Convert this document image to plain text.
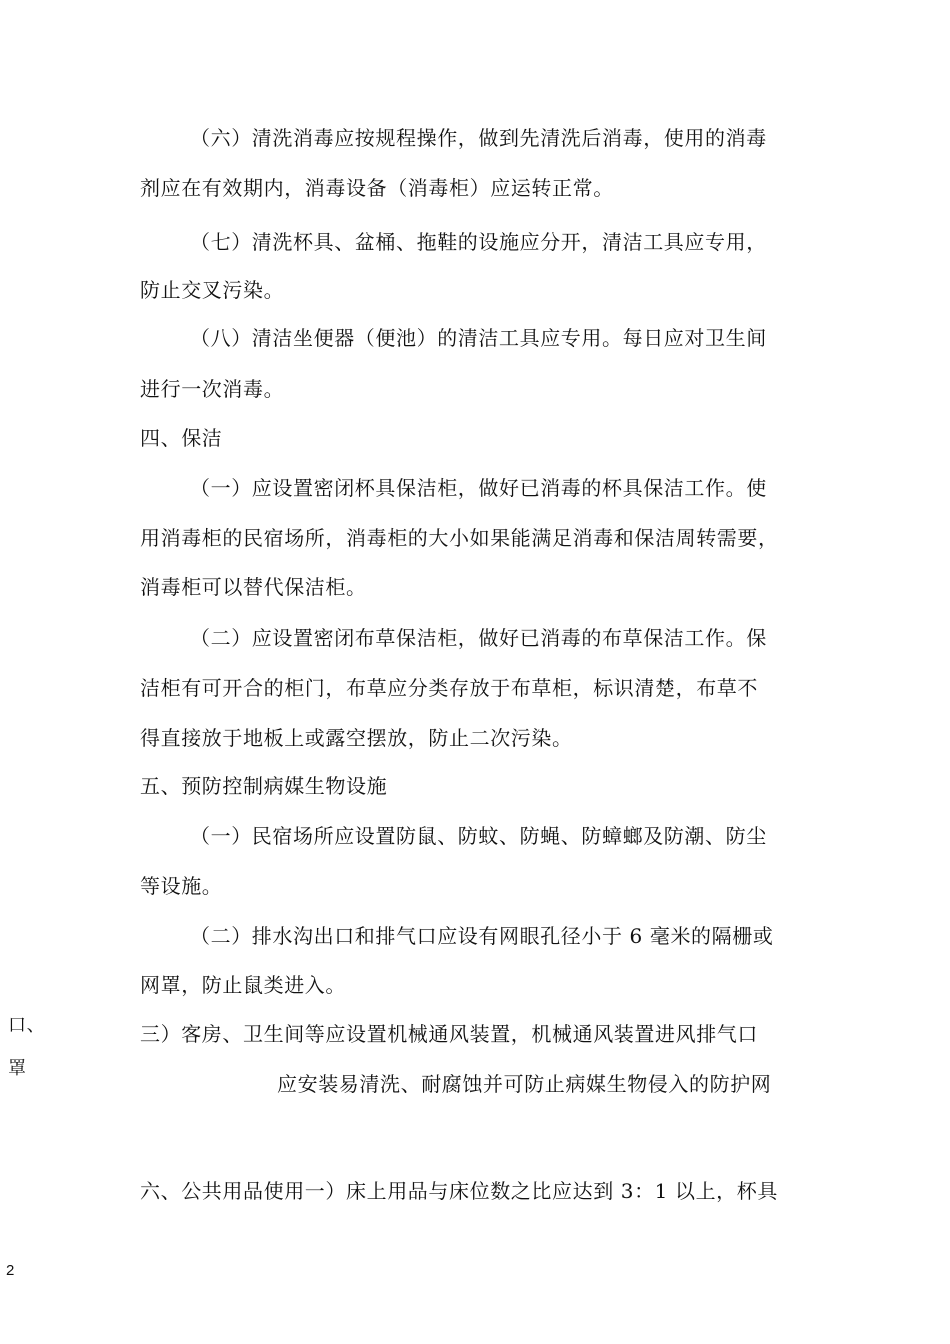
（六）清洗消毒应按规程操作，做到先清洗后消毒，使用的消毒
剂应在有效期内，消毒设备（消毒柜）应运转正常。
（七）清洗杯具、盆桶、拖鞋的设施应分开，清洁工具应专用，
防止交叉污染。
（八）清洁坐便器（便池）的清洁工具应专用。每日应对卫生间
进行一次消毒。
四、保洁
（一）应设置密闭杯具保洁柜，做好已消毒的杯具保洁工作。使
用消毒柜的民宿场所，消毒柜的大小如果能满足消毒和保洁周转需要，
消毒柜可以替代保洁柜。
（二）应设置密闭布草保洁柜，做好已消毒的布草保洁工作。保
洁柜有可开合的柜门，布草应分类存放于布草柜，标识清楚，布草不
得直接放于地板上或露空摆放，防止二次污染。
五、预防控制病媒生物设施
（一）民宿场所应设置防鼠、防蚊、防蝇、防蟑螂及防潮、防尘
等设施。
（二）排水沟出口和排气口应设有网眼孔径小于 6 毫米的隔栅或
网罩，防止鼠类进入。
三）客房、卫生间等应设置机械通风装置，机械通风装置进风排气口
应安装易清洗、耐腐蚀并可防止病媒生物侵入的防护网
六、公共用品使用一）床上用品与床位数之比应达到 3：1 以上，杯具
口、
罩
2
